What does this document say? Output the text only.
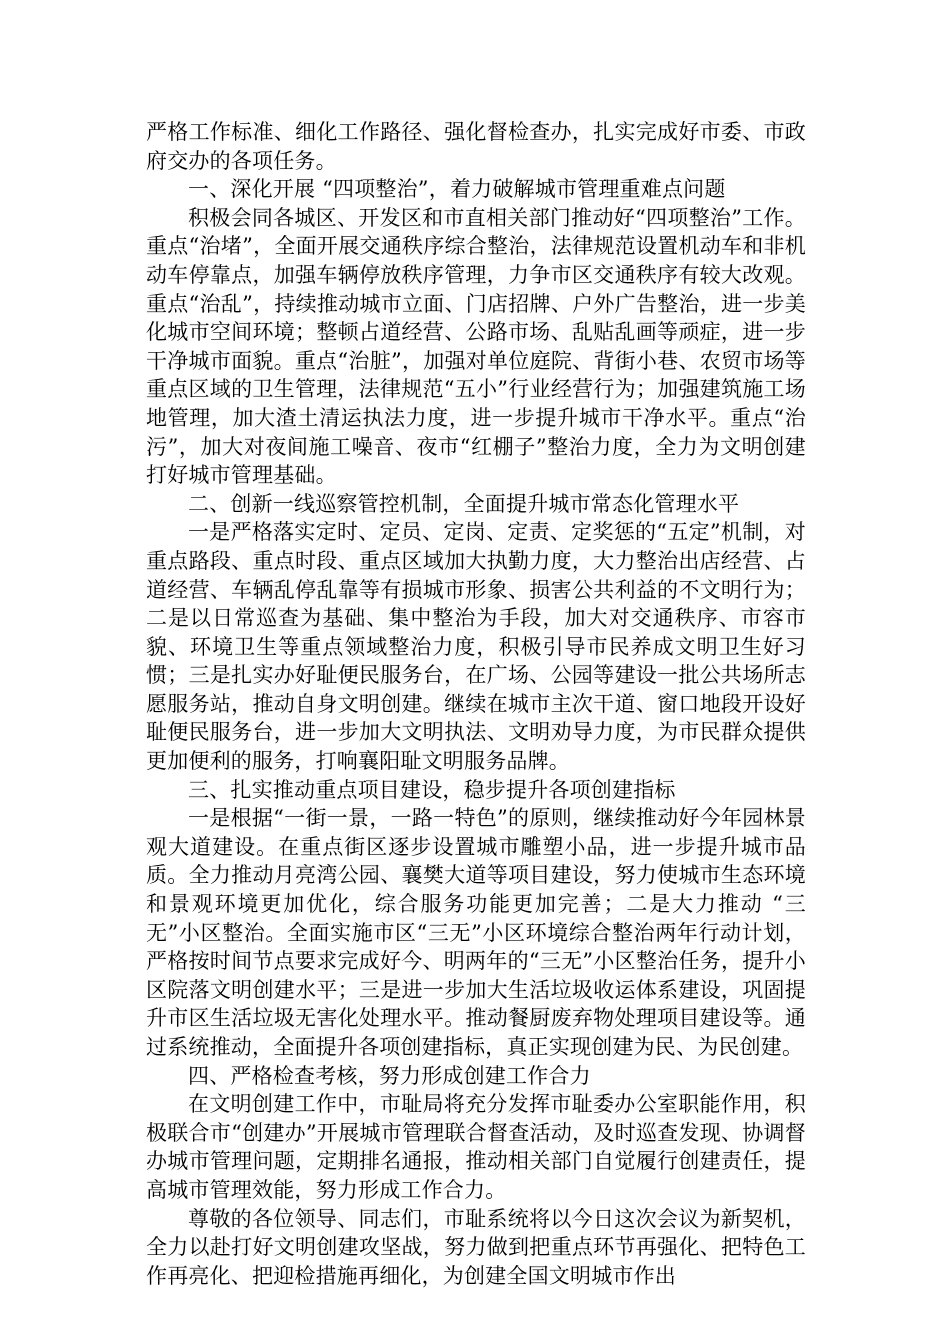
严格工作标准、细化工作路径、强化督检查办，扎实完成好市委、市政府交办的各项任务。

一、深化开展 “四项整治”，着力破解城市管理重难点问题

积极会同各城区、开发区和市直相关部门推动好“四项整治”工作。重点“治堵”，全面开展交通秩序综合整治，法律规范设置机动车和非机动车停靠点，加强车辆停放秩序管理，力争市区交通秩序有较大改观。重点“治乱”，持续推动城市立面、门店招牌、户外广告整治，进一步美化城市空间环境；整顿占道经营、公路市场、乱贴乱画等顽症，进一步干净城市面貌。重点“治脏”，加强对单位庭院、背街小巷、农贸市场等重点区域的卫生管理，法律规范“五小”行业经营行为；加强建筑施工场地管理，加大渣土清运执法力度，进一步提升城市干净水平。重点“治污”，加大对夜间施工噪音、夜市“红棚子”整治力度，全力为文明创建打好城市管理基础。

二、创新一线巡察管控机制，全面提升城市常态化管理水平

一是严格落实定时、定员、定岗、定责、定奖惩的“五定”机制，对重点路段、重点时段、重点区域加大执勤力度，大力整治出店经营、占道经营、车辆乱停乱靠等有损城市形象、损害公共利益的不文明行为；二是以日常巡查为基础、集中整治为手段，加大对交通秩序、市容市貌、环境卫生等重点领域整治力度，积极引导市民养成文明卫生好习惯；三是扎实办好耻便民服务台，在广场、公园等建设一批公共场所志愿服务站，推动自身文明创建。继续在城市主次干道、窗口地段开设好耻便民服务台，进一步加大文明执法、文明劝导力度，为市民群众提供更加便利的服务，打响襄阳耻文明服务品牌。

三、扎实推动重点项目建设，稳步提升各项创建指标

一是根据“一街一景，一路一特色”的原则，继续推动好今年园林景观大道建设。在重点街区逐步设置城市雕塑小品，进一步提升城市品质。全力推动月亮湾公园、襄樊大道等项目建设，努力使城市生态环境和景观环境更加优化，综合服务功能更加完善；二是大力推动 “三无”小区整治。全面实施市区“三无”小区环境综合整治两年行动计划，严格按时间节点要求完成好今、明两年的“三无”小区整治任务，提升小区院落文明创建水平；三是进一步加大生活垃圾收运体系建设，巩固提升市区生活垃圾无害化处理水平。推动餐厨废弃物处理项目建设等。通过系统推动，全面提升各项创建指标，真正实现创建为民、为民创建。

四、严格检查考核，努力形成创建工作合力

在文明创建工作中，市耻局将充分发挥市耻委办公室职能作用，积极联合市“创建办”开展城市管理联合督查活动，及时巡查发现、协调督办城市管理问题，定期排名通报，推动相关部门自觉履行创建责任，提高城市管理效能，努力形成工作合力。

尊敬的各位领导、同志们，市耻系统将以今日这次会议为新契机，全力以赴打好文明创建攻坚战，努力做到把重点环节再强化、把特色工作再亮化、把迎检措施再细化，为创建全国文明城市作出
